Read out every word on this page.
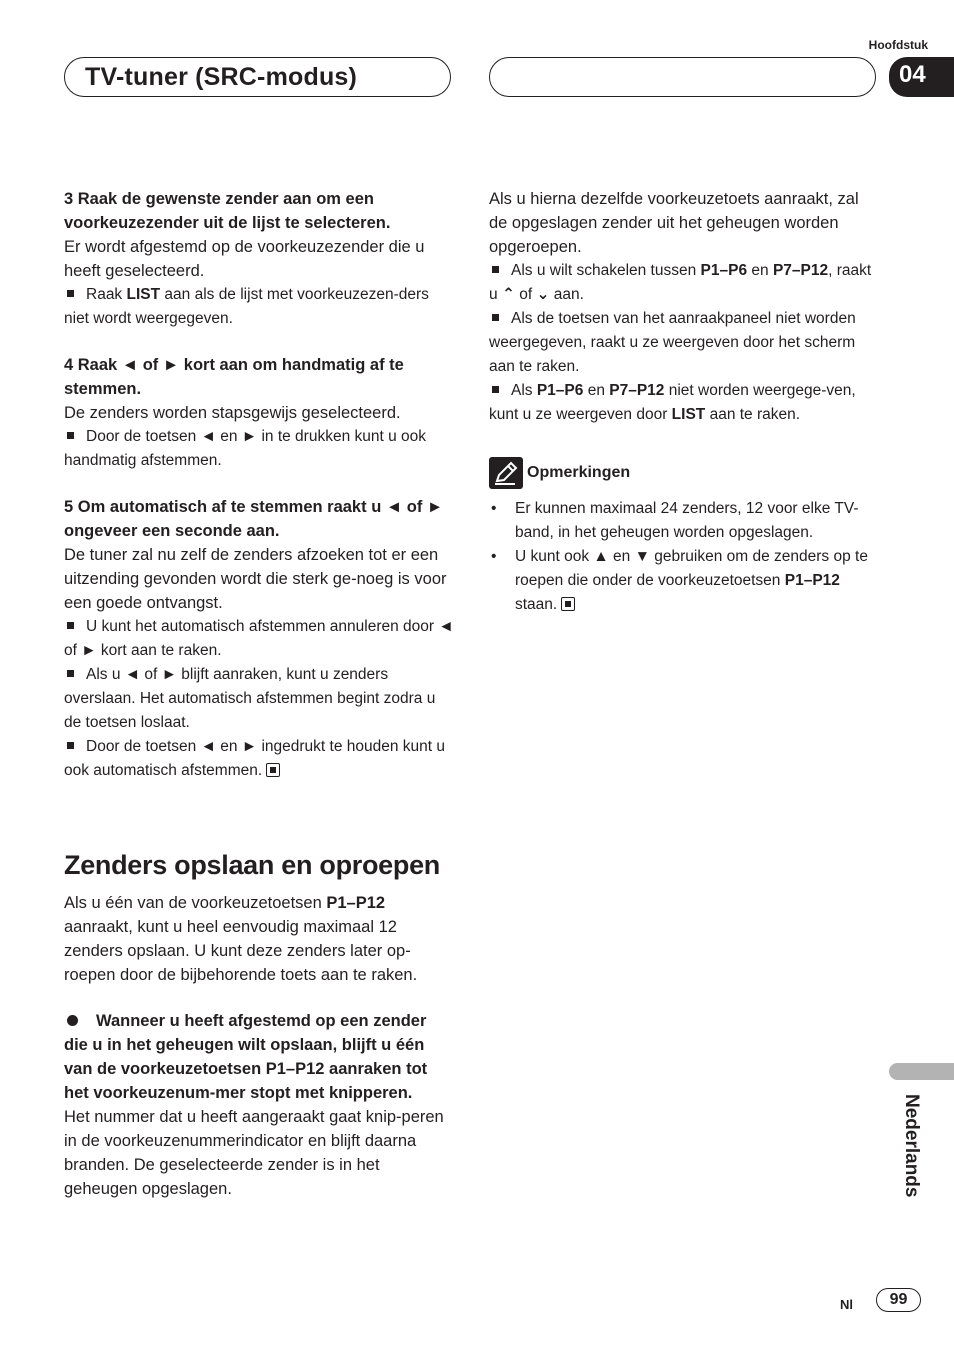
TV-tuner (SRC-modus)
Hoofdstuk
04

3 Raak de gewenste zender aan om een voorkeuzezender uit de lijst te selecteren.

Er wordt afgestemd op de voorkeuzezender die u heeft geselecteerd.

Raak LIST aan als de lijst met voorkeuzezen-ders niet wordt weergegeven.

4 Raak ◄ of ► kort aan om handmatig af te stemmen.

De zenders worden stapsgewijs geselecteerd.

Door de toetsen ◄ en ► in te drukken kunt u ook handmatig afstemmen.

5 Om automatisch af te stemmen raakt u ◄ of ► ongeveer een seconde aan.

De tuner zal nu zelf de zenders afzoeken tot er een uitzending gevonden wordt die sterk ge-noeg is voor een goede ontvangst.

U kunt het automatisch afstemmen annuleren door ◄ of ► kort aan te raken.

Als u ◄ of ► blijft aanraken, kunt u zenders overslaan. Het automatisch afstemmen begint zodra u de toetsen loslaat.

Door de toetsen ◄ en ► ingedrukt te houden kunt u ook automatisch afstemmen.

Zenders opslaan en oproepen

Als u één van de voorkeuzetoetsen P1–P12 aanraakt, kunt u heel eenvoudig maximaal 12 zenders opslaan. U kunt deze zenders later op-roepen door de bijbehorende toets aan te raken.

Wanneer u heeft afgestemd op een zender die u in het geheugen wilt opslaan, blijft u één van de voorkeuzetoetsen P1–P12 aanraken tot het voorkeuzenum-mer stopt met knipperen.

Het nummer dat u heeft aangeraakt gaat knip-peren in de voorkeuzenummerindicator en blijft daarna branden. De geselecteerde zender is in het geheugen opgeslagen.

Als u hierna dezelfde voorkeuzetoets aanraakt, zal de opgeslagen zender uit het geheugen worden opgeroepen.

Als u wilt schakelen tussen P1–P6 en P7–P12, raakt u ⌃ of ⌄ aan.

Als de toetsen van het aanraakpaneel niet worden weergegeven, raakt u ze weergeven door het scherm aan te raken.

Als P1–P6 en P7–P12 niet worden weergege-ven, kunt u ze weergeven door LIST aan te raken.

Opmerkingen

• Er kunnen maximaal 24 zenders, 12 voor elke TV-band, in het geheugen worden opgeslagen.

• U kunt ook ▲ en ▼ gebruiken om de zenders op te roepen die onder de voorkeuzetoetsen P1–P12 staan.

Nederlands
Nl	99
